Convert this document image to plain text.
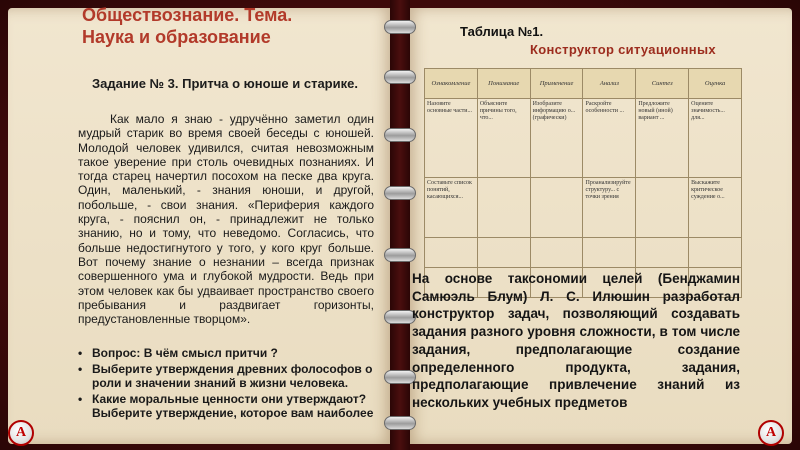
Обществознание. Тема. Наука и образование
Задание № 3. Притча о юноше и старике.
Как мало я знаю - удручённо заметил один мудрый старик во время своей беседы с юношей. Молодой человек удивился, считая невозможным такое уверение при столь очевидных познаниях. И тогда старец начертил посохом на песке два круга. Один, маленький, - знания юноши, и другой, побольше, - свои знания. «Периферия каждого круга, - пояснил он, - принадлежит не только знанию, но и тому, что неведомо. Согласись, что больше недостигнутого у того, у кого круг больше. Вот почему знание о незнании – всегда признак совершенного ума и глубокой мудрости. Ведь при этом человек как бы удваивает пространство своего пребывания и раздвигает горизонты, предустановленные творцом».
• Вопрос: В чём смысл притчи ?
• Выберите утверждения древних фолософов о роли и значении знаний в жизни человека.
• Какие моральные ценности они утверждают? Выберите утверждение, которое вам наиболее
Таблица №1.
Конструктор ситуационных
Ознакомление	Понимание	Применение	Анализ	Синтез	Оценка
Назовите основные части...	Объясните причины того, что...	Изобразите информацию о... (графически)	Раскройте особенности ...	Предложите новый (иной) вариант ...	Оцените значимость... для...
Составьте список понятий, касающихся...			Проанализируйте структуру... с точки зрения		Выскажите критическое суждение о...

На основе таксономии целей (Бенджамин Самюэль Блум) Л. С. Илюшин разработал конструктор задач, позволяющий создавать задания разного уровня сложности, в том числе задания, предполагающие создание определенного продукта, задания, предполагающие привлечение знаний из нескольких учебных предметов
A	A
